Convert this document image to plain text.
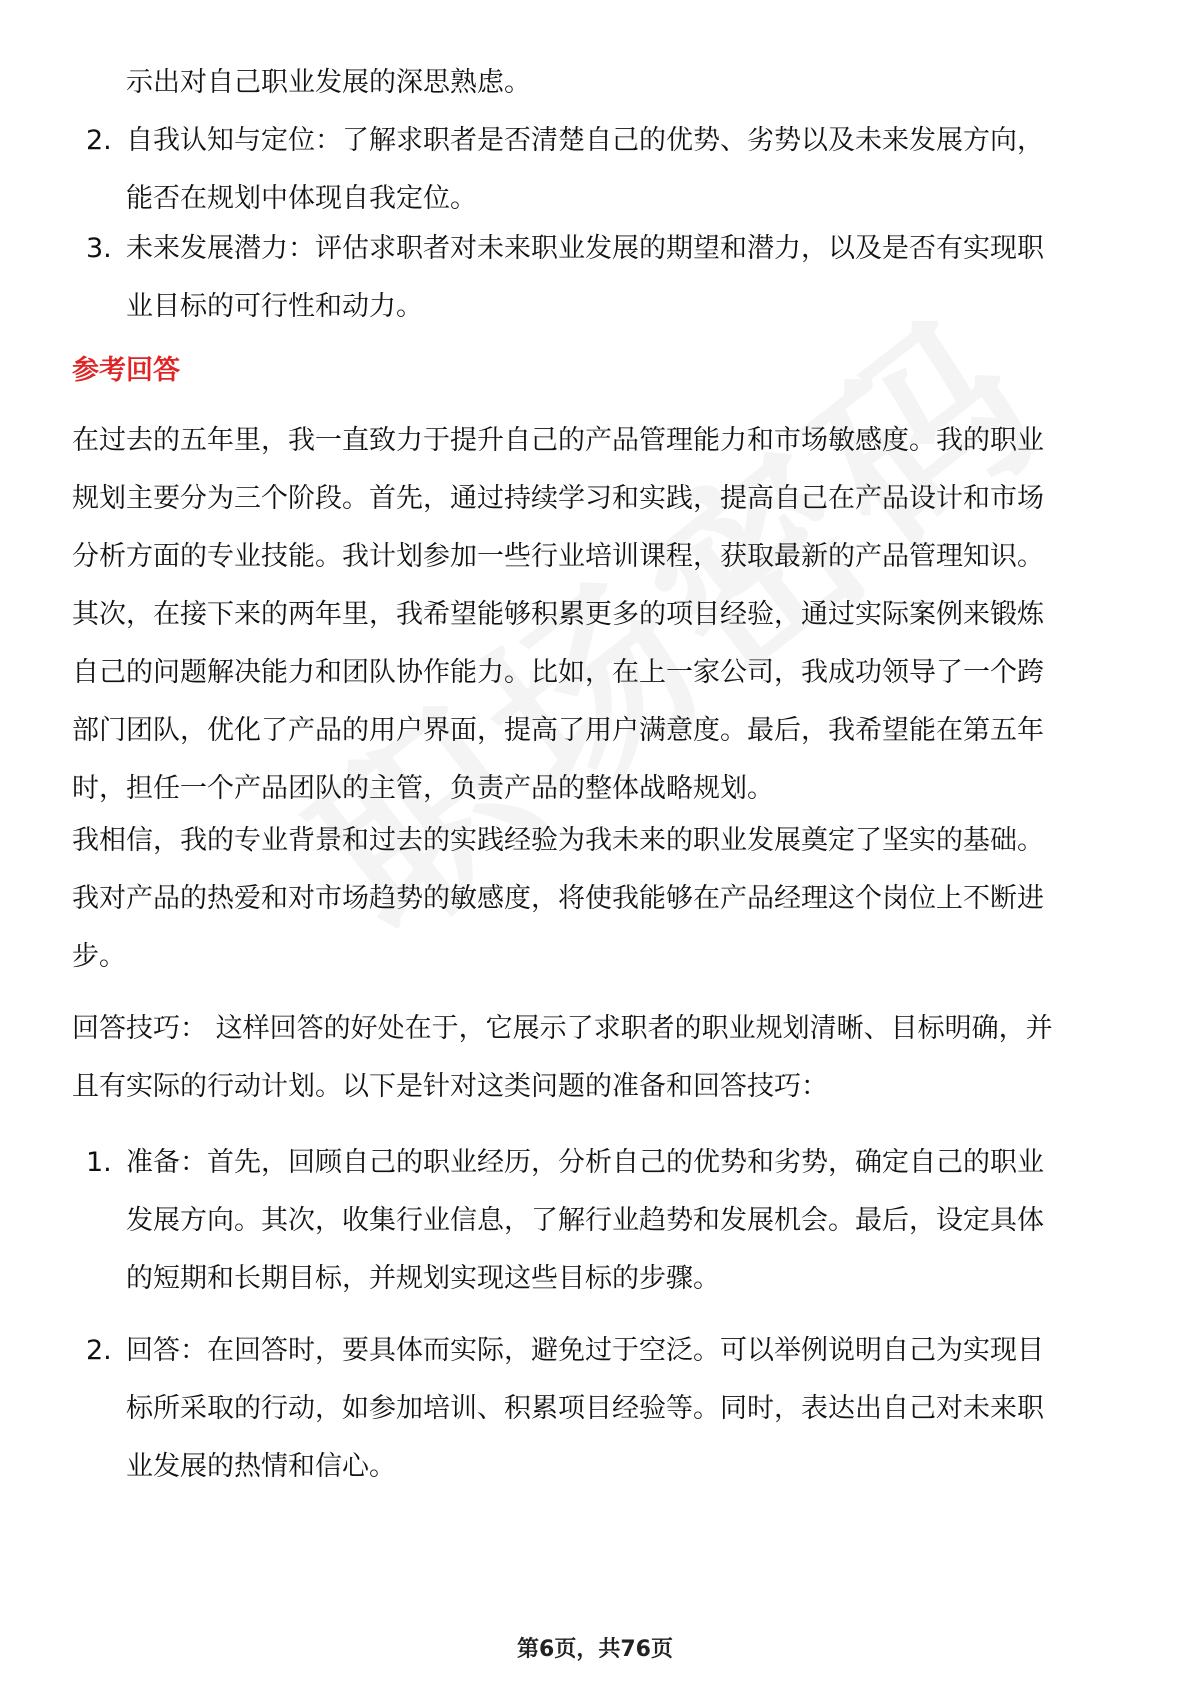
示出对自己职业发展的深思熟虑。
2. 自我认知与定位：了解求职者是否清楚自己的优势、劣势以及未来发展方向，
能否在规划中体现自我定位。
3. 未来发展潜力：评估求职者对未来职业发展的期望和潜力，以及是否有实现职
业目标的可行性和动力。
参考回答
在过去的五年里，我一直致力于提升自己的产品管理能力和市场敏感度。我的职业
规划主要分为三个阶段。首先，通过持续学习和实践，提高自己在产品设计和市场
分析方面的专业技能。我计划参加一些行业培训课程，获取最新的产品管理知识。
其次，在接下来的两年里，我希望能够积累更多的项目经验，通过实际案例来锻炼
自己的问题解决能力和团队协作能力。比如，在上一家公司，我成功领导了一个跨
部门团队，优化了产品的用户界面，提高了用户满意度。最后，我希望能在第五年
时，担任一个产品团队的主管，负责产品的整体战略规划。
我相信，我的专业背景和过去的实践经验为我未来的职业发展奠定了坚实的基础。
我对产品的热爱和对市场趋势的敏感度，将使我能够在产品经理这个岗位上不断进
步。
回答技巧： 这样回答的好处在于，它展示了求职者的职业规划清晰、目标明确，并
且有实际的行动计划。以下是针对这类问题的准备和回答技巧：
1. 准备：首先，回顾自己的职业经历，分析自己的优势和劣势，确定自己的职业
发展方向。其次，收集行业信息，了解行业趋势和发展机会。最后，设定具体
的短期和长期目标，并规划实现这些目标的步骤。
2. 回答：在回答时，要具体而实际，避免过于空泛。可以举例说明自己为实现目
标所采取的行动，如参加培训、积累项目经验等。同时，表达出自己对未来职
业发展的热情和信心。
第6页，共76页
